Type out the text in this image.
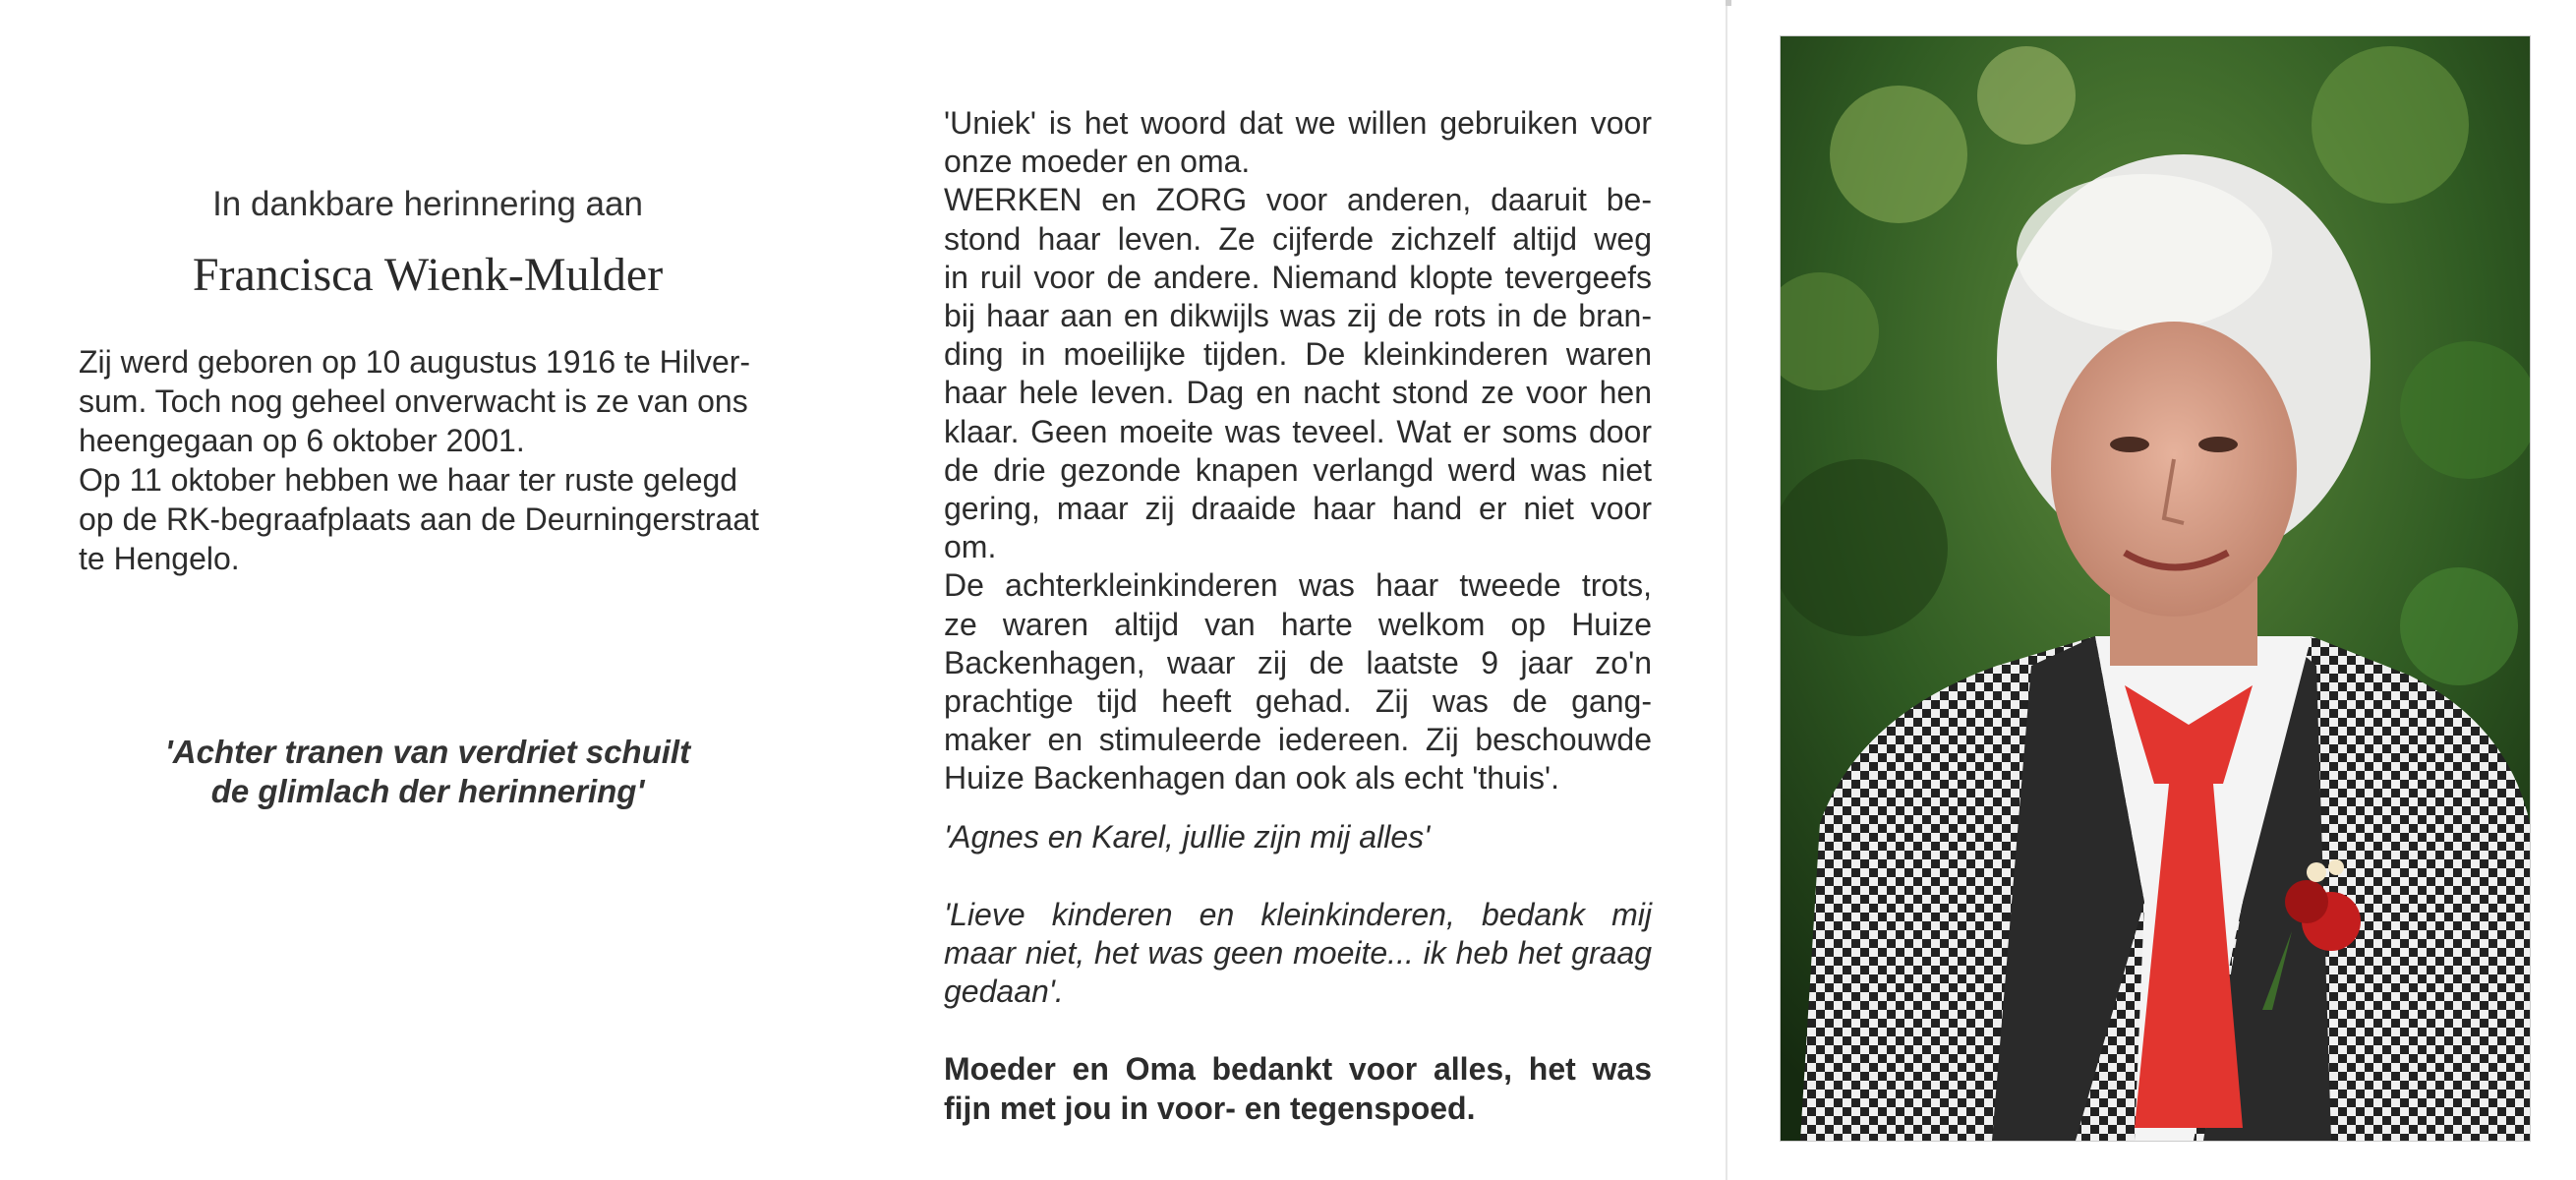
In dankbare herinnering aan
Francisca Wienk-Mulder
Zij werd geboren op 10 augustus 1916 te Hilver-
sum. Toch nog geheel onverwacht is ze van ons
heengegaan op 6 oktober 2001.
Op 11 oktober hebben we haar ter ruste gelegd
op de RK-begraafplaats aan de Deurningerstraat
te Hengelo.
'Achter tranen van verdriet schuilt
de glimlach der herinnering'
'Uniek' is het woord dat we willen gebruiken voor
onze moeder en oma.
WERKEN en ZORG voor anderen, daaruit be-
stond haar leven. Ze cijferde zichzelf altijd weg
in ruil voor de andere. Niemand klopte tevergeefs
bij haar aan en dikwijls was zij de rots in de bran-
ding in moeilijke tijden. De kleinkinderen waren
haar hele leven. Dag en nacht stond ze voor hen
klaar. Geen moeite was teveel. Wat er soms door
de drie gezonde knapen verlangd werd was niet
gering, maar zij draaide haar hand er niet voor
om.
De achterkleinkinderen was haar tweede trots,
ze waren altijd van harte welkom op Huize
Backenhagen, waar zij de laatste 9 jaar zo'n
prachtige tijd heeft gehad. Zij was de gang-
maker en stimuleerde iedereen. Zij beschouwde
Huize Backenhagen dan ook als echt 'thuis'.
'Agnes en Karel, jullie zijn mij alles'
'Lieve kinderen en kleinkinderen, bedank mij
maar niet, het was geen moeite... ik heb het graag
gedaan'.
Moeder en Oma bedankt voor alles, het was
fijn met jou in voor- en tegenspoed.
